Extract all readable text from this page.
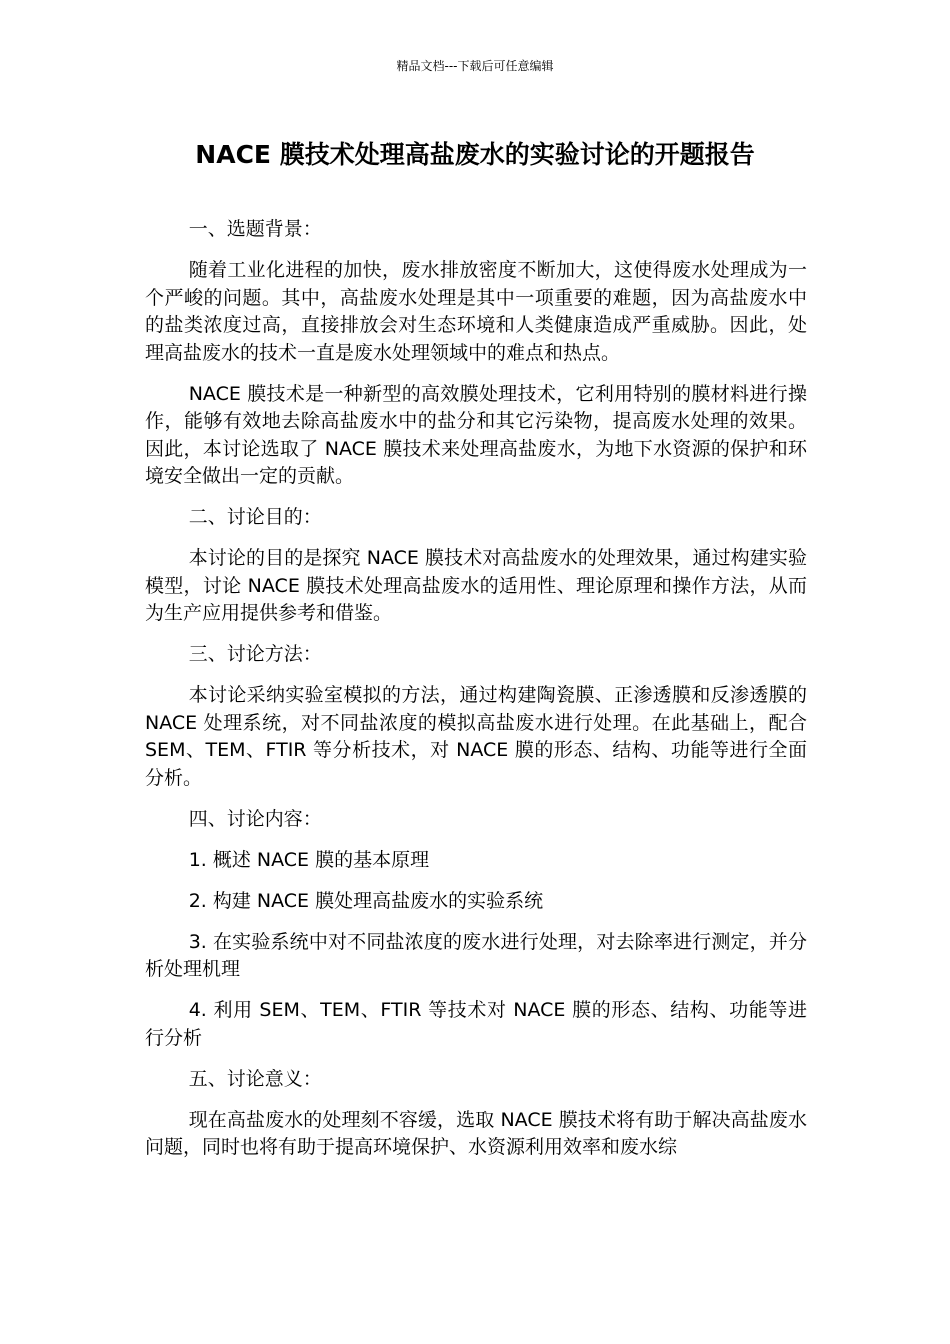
精品文档---下载后可任意编辑
NACE 膜技术处理高盐废水的实验讨论的开题报告

一、选题背景：

随着工业化进程的加快，废水排放密度不断加大，这使得废水处理成为一个严峻的问题。其中，高盐废水处理是其中一项重要的难题，因为高盐废水中的盐类浓度过高，直接排放会对生态环境和人类健康造成严重威胁。因此，处理高盐废水的技术一直是废水处理领域中的难点和热点。

NACE 膜技术是一种新型的高效膜处理技术，它利用特别的膜材料进行操作，能够有效地去除高盐废水中的盐分和其它污染物，提高废水处理的效果。因此，本讨论选取了 NACE 膜技术来处理高盐废水，为地下水资源的保护和环境安全做出一定的贡献。

二、讨论目的：

本讨论的目的是探究 NACE 膜技术对高盐废水的处理效果，通过构建实验模型，讨论 NACE 膜技术处理高盐废水的适用性、理论原理和操作方法，从而为生产应用提供参考和借鉴。

三、讨论方法：

本讨论采纳实验室模拟的方法，通过构建陶瓷膜、正渗透膜和反渗透膜的 NACE 处理系统，对不同盐浓度的模拟高盐废水进行处理。在此基础上，配合 SEM、TEM、FTIR 等分析技术，对 NACE 膜的形态、结构、功能等进行全面分析。

四、讨论内容：

1. 概述 NACE 膜的基本原理

2. 构建 NACE 膜处理高盐废水的实验系统

3. 在实验系统中对不同盐浓度的废水进行处理，对去除率进行测定，并分析处理机理

4. 利用 SEM、TEM、FTIR 等技术对 NACE 膜的形态、结构、功能等进行分析

五、讨论意义：

现在高盐废水的处理刻不容缓，选取 NACE 膜技术将有助于解决高盐废水问题，同时也将有助于提高环境保护、水资源利用效率和废水综
